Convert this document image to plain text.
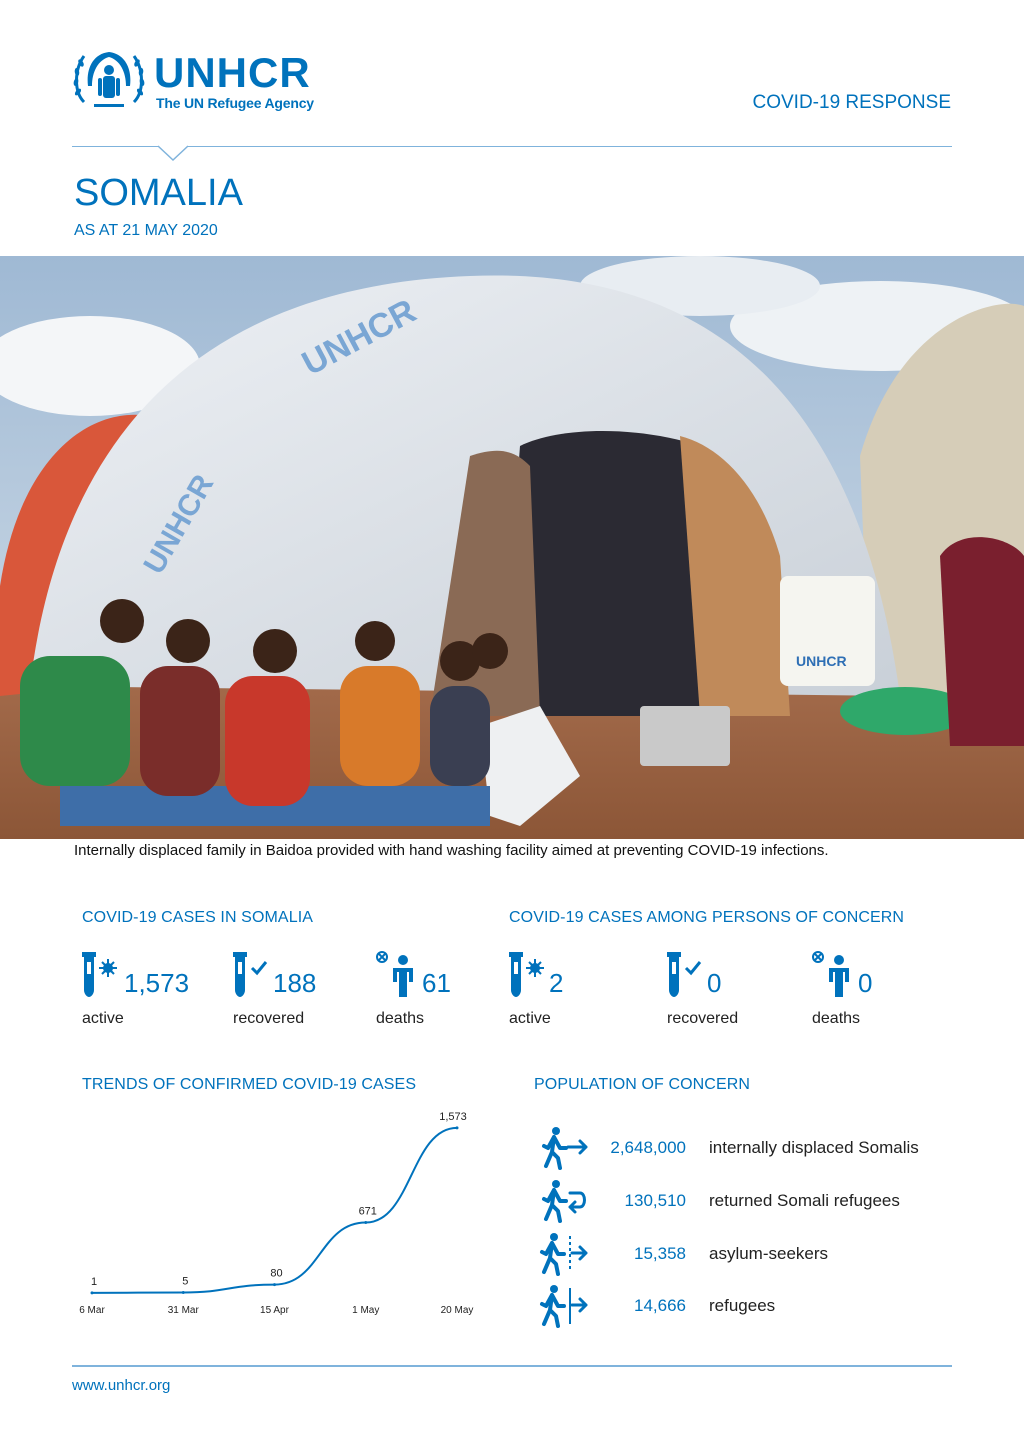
UNHCR
The UN Refugee Agency	COVID-19 RESPONSE
SOMALIA
AS AT 21 MAY 2020
UNHCR
UNHCR
UNHCR
Internally displaced family in Baidoa provided with hand washing facility aimed at preventing COVID-19 infections.
COVID-19 CASES IN SOMALIA
1,573
active
188
recovered
61
deaths
COVID-19 CASES AMONG PERSONS OF CONCERN
2
active
0
recovered
0
deaths
TRENDS OF CONFIRMED COVID-19 CASES
1
6 Mar
5
31 Mar
80
15 Apr
671
1 May
1,573
20 May
POPULATION OF CONCERN
2,648,000 internally displaced Somalis
130,510 returned Somali refugees
15,358 asylum-seekers
14,666 refugees
www.unhcr.org
